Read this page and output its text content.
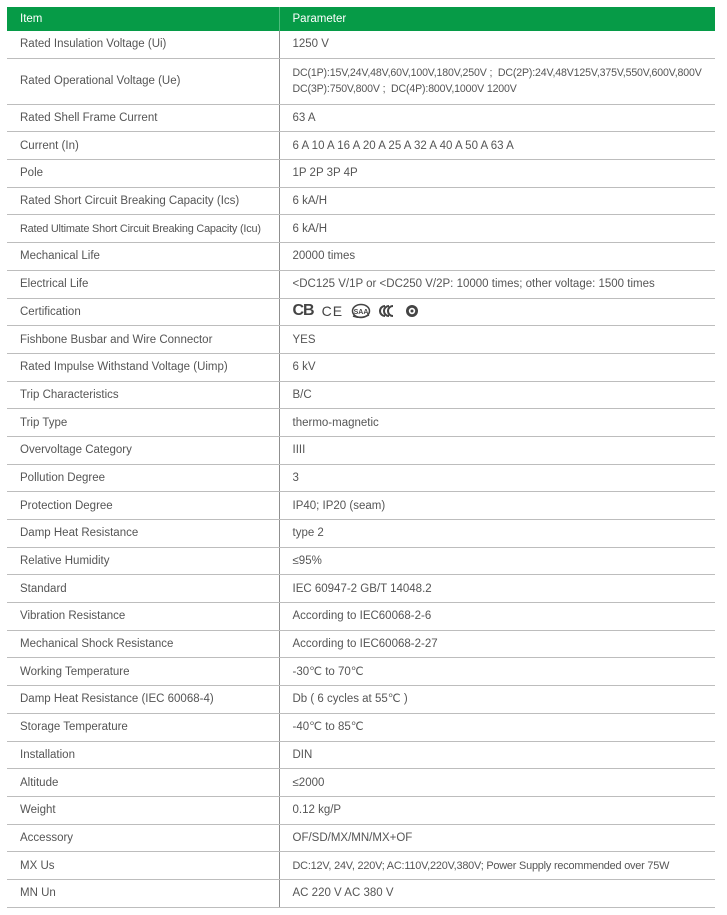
Item	Parameter
Rated Insulation Voltage (Ui)	1250 V
Rated Operational Voltage (Ue)	DC(1P):15V,24V,48V,60V,100V,180V,250V ;  DC(2P):24V,48V125V,375V,550V,600V,800V
DC(3P):750V,800V ;  DC(4P):800V,1000V 1200V

Rated Shell Frame Current	63 A
Current (In)	6 A 10 A 16 A 20 A 25 A 32 A 40 A 50 A 63 A
Pole	1P 2P 3P 4P
Rated Short Circuit Breaking Capacity (Ics)	6 kA/H
Rated Ultimate Short Circuit Breaking Capacity (Icu)	6 kA/H
Mechanical Life	20000 times
Electrical Life	<DC125 V/1P or <DC250 V/2P: 10000 times; other voltage: 1500 times
Certification	CB CE SAA

Fishbone Busbar and Wire Connector	YES
Rated Impulse Withstand Voltage (Uimp)	6 kV
Trip Characteristics	B/C
Trip Type	thermo-magnetic
Overvoltage Category	IIII
Pollution Degree	3
Protection Degree	IP40; IP20 (seam)
Damp Heat Resistance	type 2
Relative Humidity	≤95%
Standard	IEC 60947-2 GB/T 14048.2
Vibration Resistance	According to IEC60068-2-6
Mechanical Shock Resistance	According to IEC60068-2-27
Working Temperature	-30℃ to 70℃
Damp Heat Resistance (IEC 60068-4)	Db ( 6 cycles at 55℃ )
Storage Temperature	-40℃ to 85℃
Installation	DIN
Altitude	≤2000
Weight	0.12 kg/P
Accessory	OF/SD/MX/MN/MX+OF
MX Us	DC:12V, 24V, 220V; AC:110V,220V,380V; Power Supply recommended over 75W
MN Un	AC 220 V AC 380 V
